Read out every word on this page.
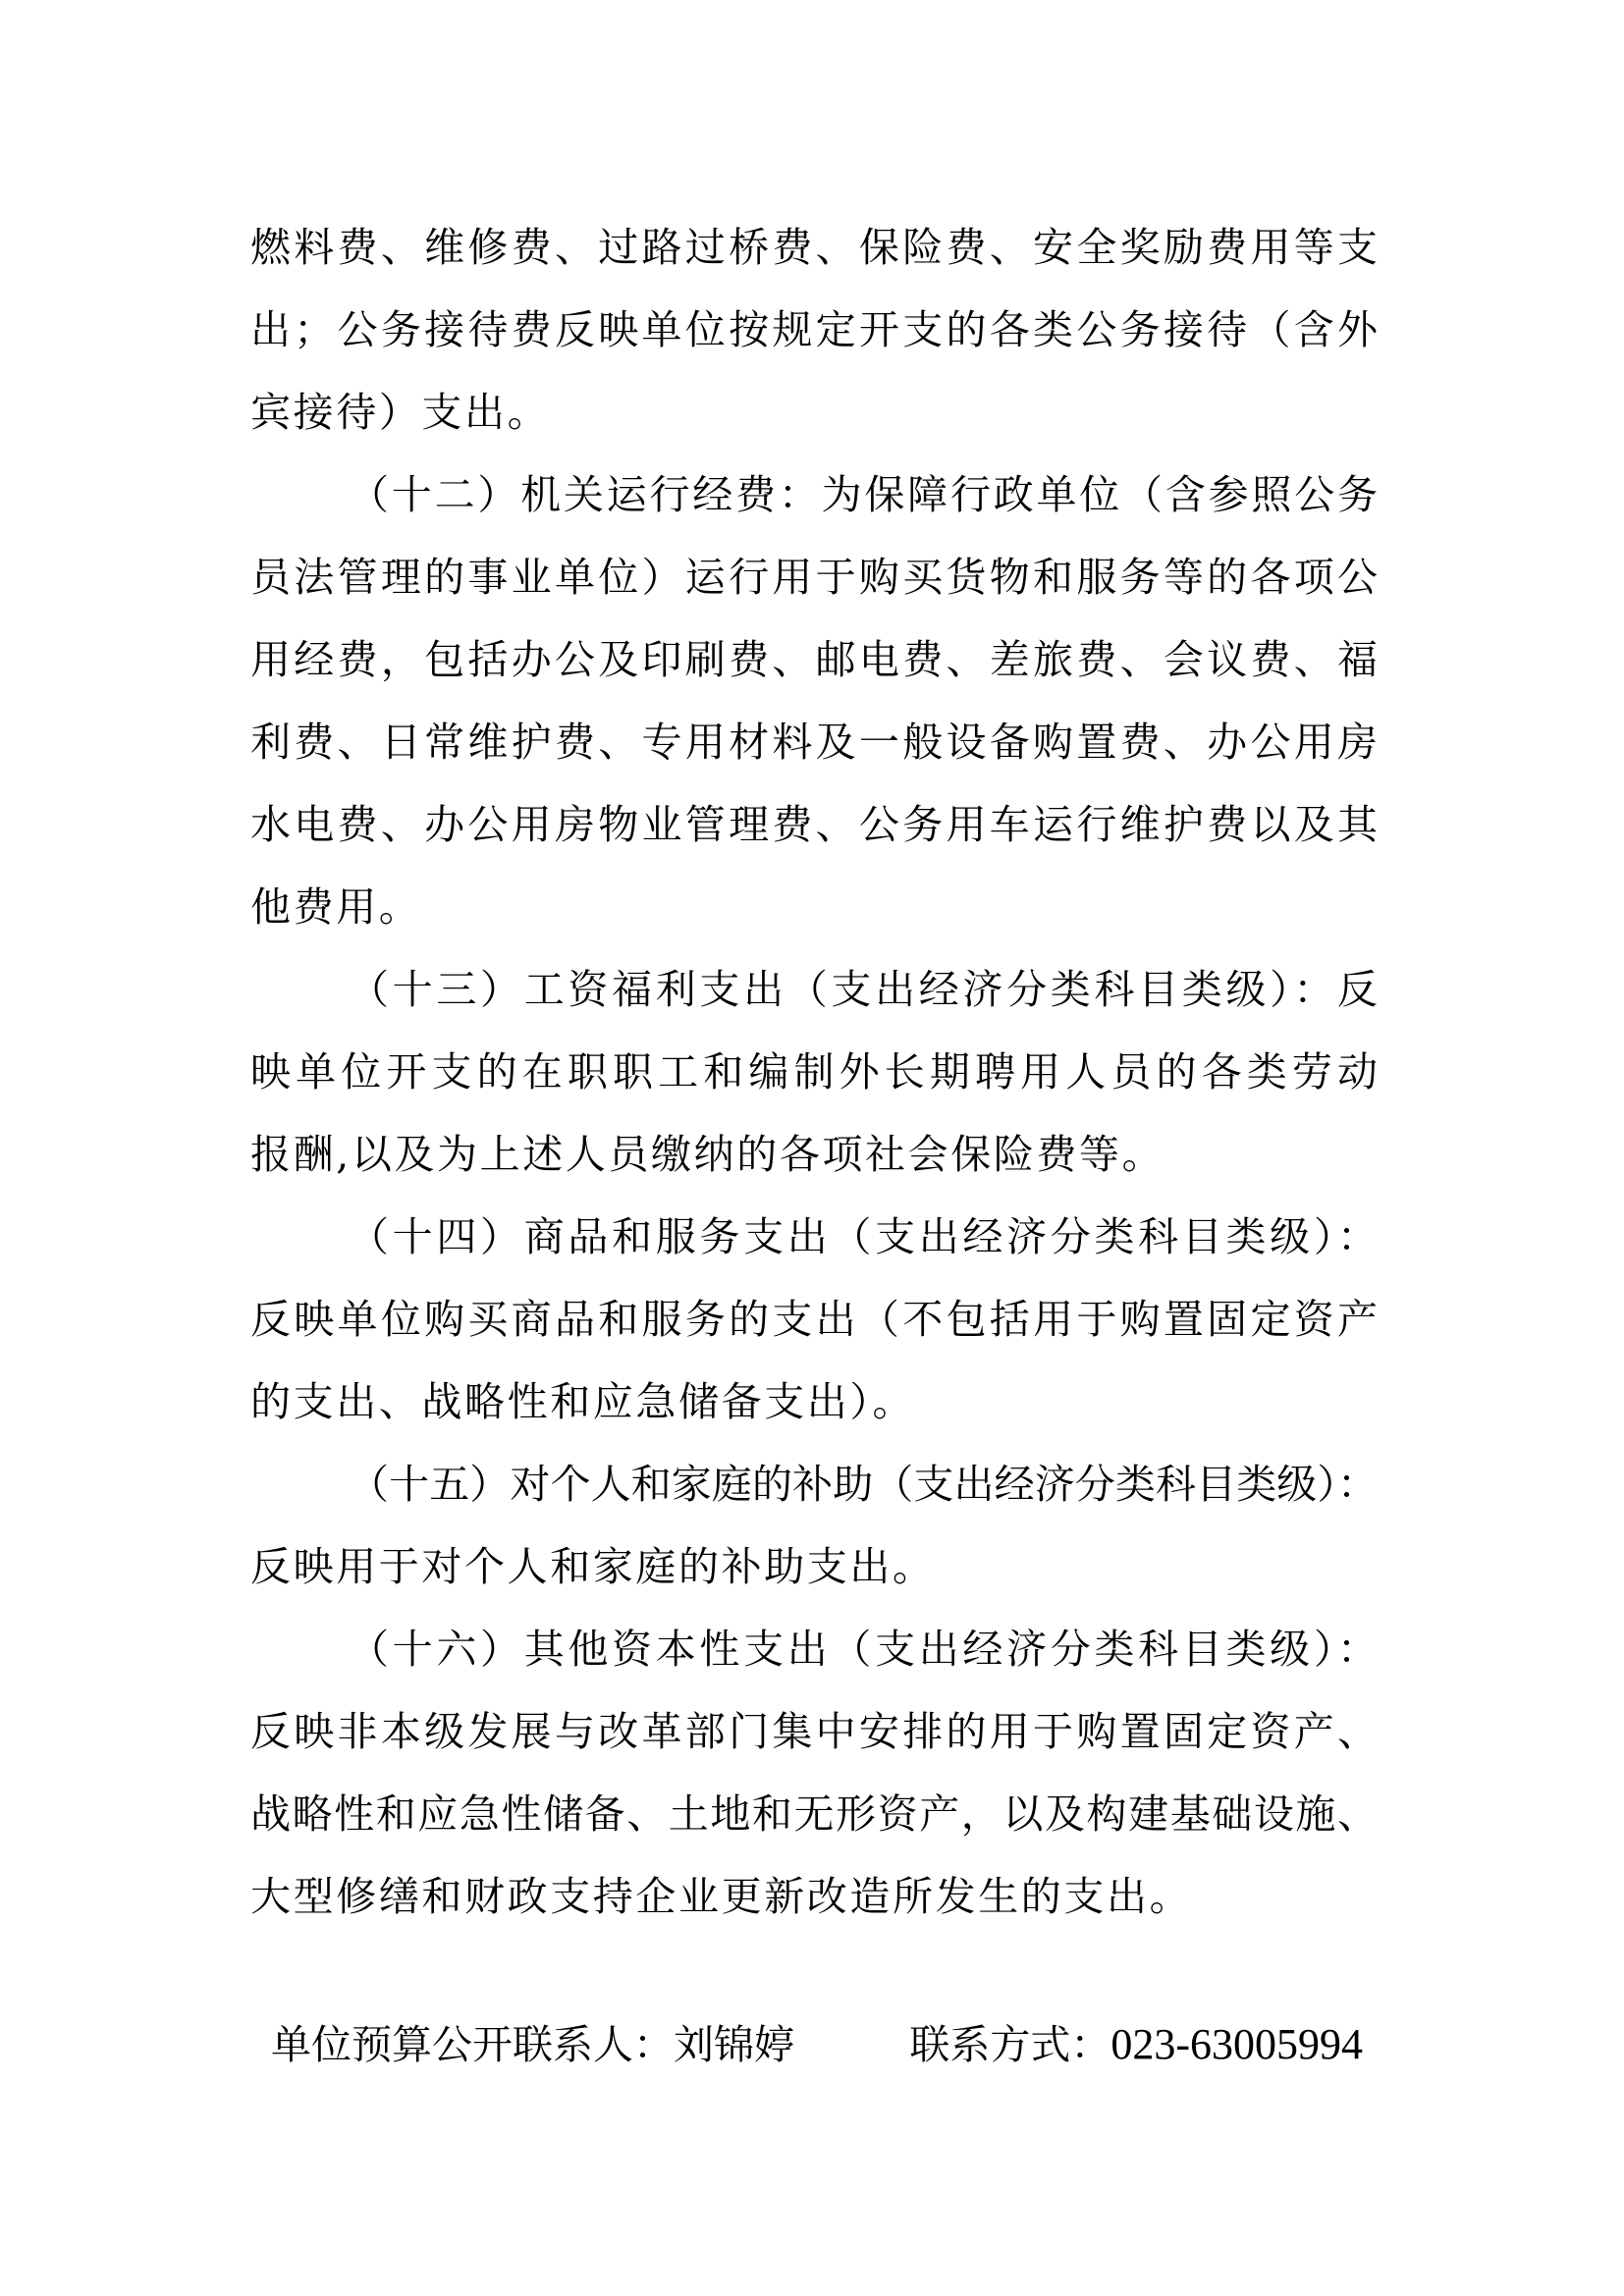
燃料费、维修费、过路过桥费、保险费、安全奖励费用等支
出；公务接待费反映单位按规定开支的各类公务接待（含外
宾接待）支出。
（十二）机关运行经费：为保障行政单位（含参照公务
员法管理的事业单位）运行用于购买货物和服务等的各项公
用经费，包括办公及印刷费、邮电费、差旅费、会议费、福
利费、日常维护费、专用材料及一般设备购置费、办公用房
水电费、办公用房物业管理费、公务用车运行维护费以及其
他费用。
（十三）工资福利支出（支出经济分类科目类级）：反
映单位开支的在职职工和编制外长期聘用人员的各类劳动
报酬,以及为上述人员缴纳的各项社会保险费等。
（十四）商品和服务支出（支出经济分类科目类级）：
反映单位购买商品和服务的支出（不包括用于购置固定资产
的支出、战略性和应急储备支出）。
（十五）对个人和家庭的补助（支出经济分类科目类级）：
反映用于对个人和家庭的补助支出。
（十六）其他资本性支出（支出经济分类科目类级）：
反映非本级发展与改革部门集中安排的用于购置固定资产、
战略性和应急性储备、土地和无形资产，以及构建基础设施、
大型修缮和财政支持企业更新改造所发生的支出。
单位预算公开联系人：刘锦婷	联系方式：023-63005994
